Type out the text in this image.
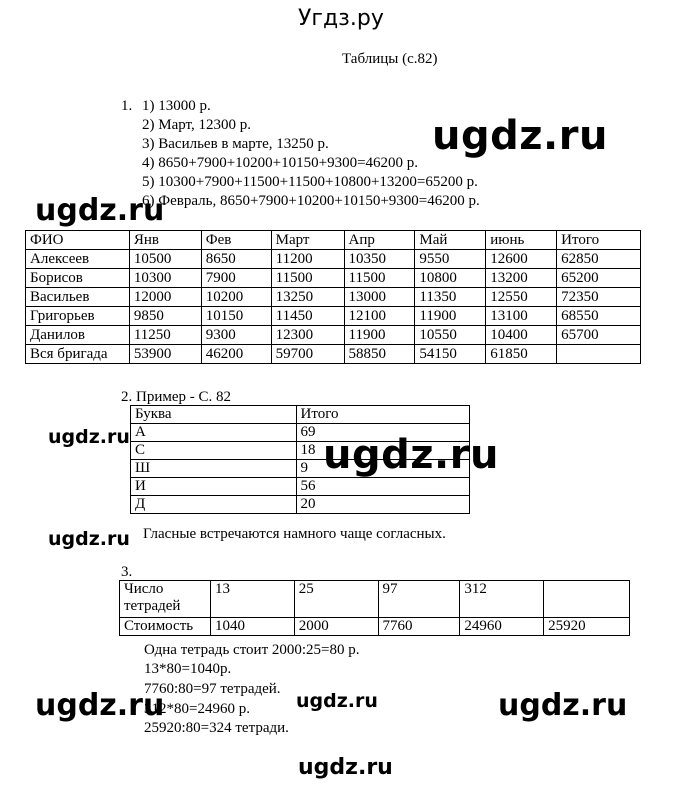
Угдз.ру
Таблицы (с.82)
1. 1) 13000 р.
2) Март, 12300 р.
3) Васильев в марте, 13250 р.
4) 8650+7900+10200+10150+9300=46200 р.
5) 10300+7900+11500+11500+10800+13200=65200 р.
6) Февраль, 8650+7900+10200+10150+9300=46200 р.
ФИО	Янв	Фев	Март	Апр	Май	июнь	Итого
Алексеев	10500	8650	11200	10350	9550	12600	62850
Борисов	10300	7900	11500	11500	10800	13200	65200
Васильев	12000	10200	13250	13000	11350	12550	72350
Григорьев	9850	10150	11450	12100	11900	13100	68550
Данилов	11250	9300	12300	11900	10550	10400	65700
Вся бригада	53900	46200	59700	58850	54150	61850	
2. Пример - С. 82
Буква	Итого
А	69
С	18
Ш	9
И	56
Д	20
Гласные встречаются намного чаще согласных.
3.
Число тетрадей	13	25	97	312	
Стоимость	1040	2000	7760	24960	25920
Одна тетрадь стоит 2000:25=80 р.
13*80=1040р.
7760:80=97 тетрадей.
312*80=24960 р.
25920:80=324 тетради.
ugdz.ru
ugdz.ru
ugdz.ru	ugdz.ru
ugdz.ru
ugdz.ru	ugdz.ru	ugdz.ru
ugdz.ru
